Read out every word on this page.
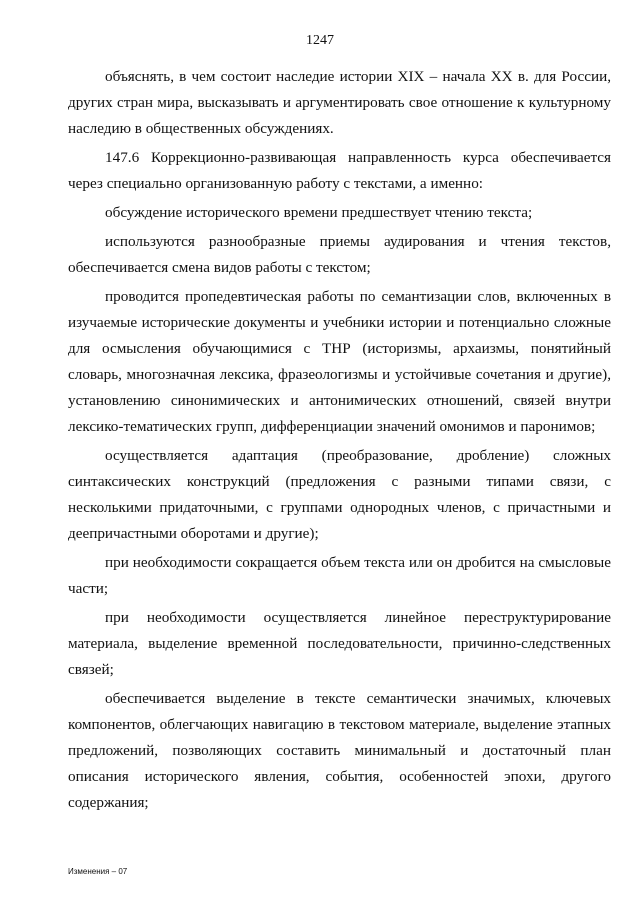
1247

объяснять, в чем состоит наследие истории XIX – начала XX в. для России, других стран мира, высказывать и аргументировать свое отношение к культурному наследию в общественных обсуждениях.

147.6 Коррекционно-развивающая направленность курса обеспечивается через специально организованную работу с текстами, а именно:

обсуждение исторического времени предшествует чтению текста;

используются разнообразные приемы аудирования и чтения текстов, обеспечивается смена видов работы с текстом;

проводится пропедевтическая работы по семантизации слов, включенных в изучаемые исторические документы и учебники истории и потенциально сложные для осмысления обучающимися с ТНР (историзмы, архаизмы, понятийный словарь, многозначная лексика, фразеологизмы и устойчивые сочетания и другие), установлению синонимических и антонимических отношений, связей внутри лексико-тематических групп, дифференциации значений омонимов и паронимов;

осуществляется адаптация (преобразование, дробление) сложных синтаксических конструкций (предложения с разными типами связи, с несколькими придаточными, с группами однородных членов, с причастными и деепричастными оборотами и другие);

при необходимости сокращается объем текста или он дробится на смысловые части;

при необходимости осуществляется линейное переструктурирование материала, выделение временной последовательности, причинно-следственных связей;

обеспечивается выделение в тексте семантически значимых, ключевых компонентов, облегчающих навигацию в текстовом материале, выделение этапных предложений, позволяющих составить минимальный и достаточный план описания исторического явления, события, особенностей эпохи, другого содержания;

Изменения – 07
